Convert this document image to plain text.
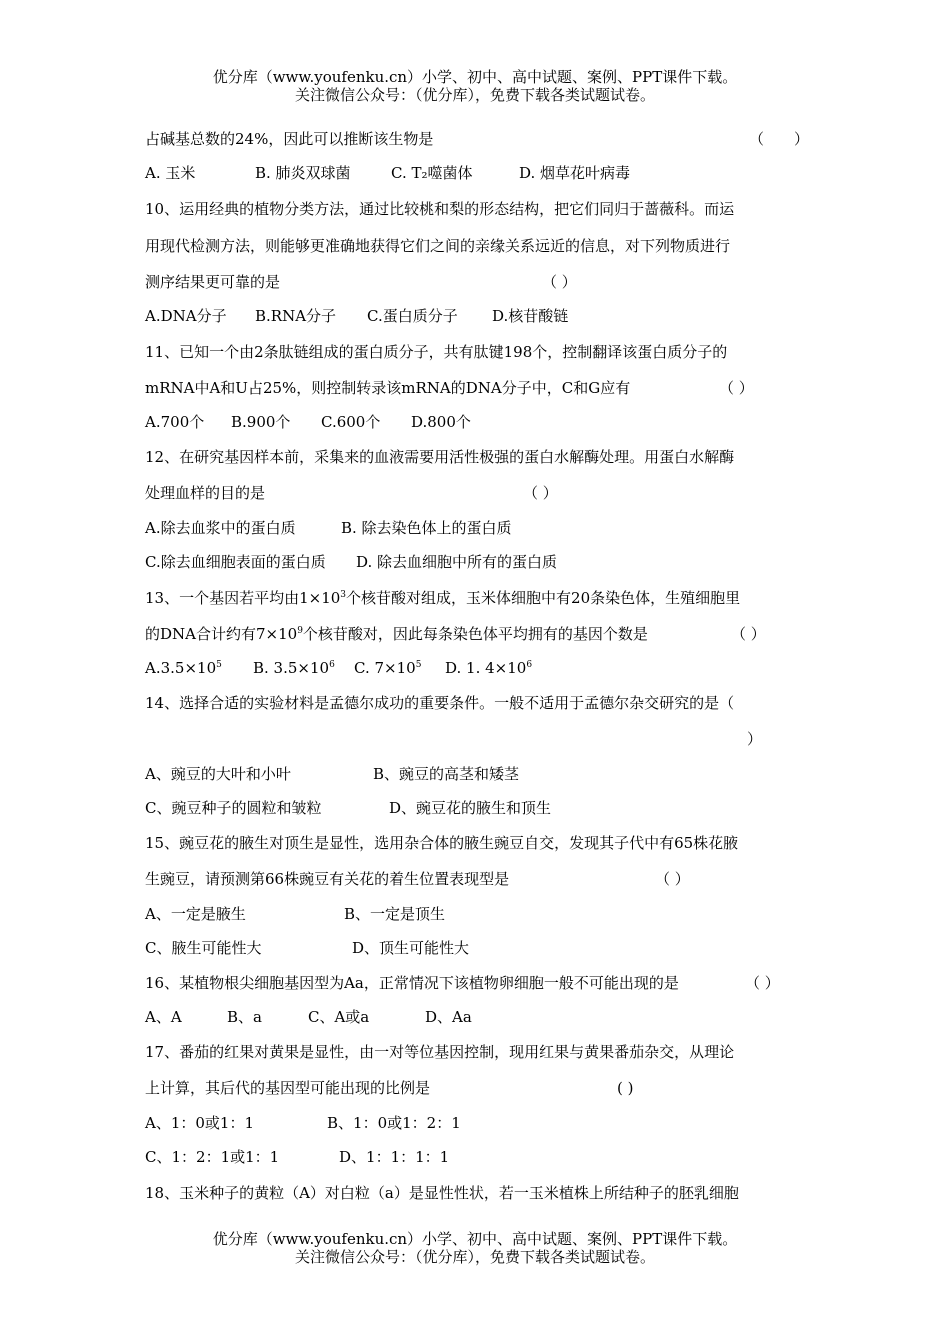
优分库（www.youfenku.cn）小学、初中、高中试题、案例、PPT课件下载。
关注微信公众号：（优分库），免费下载各类试题试卷。
占碱基总数的24%，因此可以推断该生物是	（　　）
A. 玉米	B. 肺炎双球菌	C. T₂噬菌体	D. 烟草花叶病毒
10、运用经典的植物分类方法，通过比较桃和梨的形态结构，把它们同归于蔷薇科。而运
用现代检测方法，则能够更准确地获得它们之间的亲缘关系远近的信息，对下列物质进行
测序结果更可靠的是	（ ）
A.DNA分子 B.RNA分子 C.蛋白质分子 D.核苷酸链
11、已知一个由2条肽链组成的蛋白质分子，共有肽键198个，控制翻译该蛋白质分子的
mRNA中A和U占25%，则控制转录该mRNA的DNA分子中，C和G应有	（ ）
A.700个 B.900个 C.600个 D.800个
12、在研究基因样本前，采集来的血液需要用活性极强的蛋白水解酶处理。用蛋白水解酶
处理血样的目的是	（ ）
A.除去血浆中的蛋白质	B. 除去染色体上的蛋白质
C.除去血细胞表面的蛋白质 D. 除去血细胞中所有的蛋白质
13、一个基因若平均由$1\times 10^3$个核苷酸对组成，玉米体细胞中有20条染色体，生殖细胞里
的DNA合计约有$7\times 10^9$个核苷酸对，因此每条染色体平均拥有的基因个数是	（ ）
$A.3.5\times 10^5$ B. $3.5\times 10^6$ C. $7\times 10^5$ D. 1. $4\times 10^6$
14、选择合适的实验材料是孟德尔成功的重要条件。一般不适用于孟德尔杂交研究的是（
）
A、豌豆的大叶和小叶	B、豌豆的高茎和矮茎
C、豌豆种子的圆粒和皱粒	D、豌豆花的腋生和顶生
15、豌豆花的腋生对顶生是显性，选用杂合体的腋生豌豆自交，发现其子代中有65株花腋
生豌豆，请预测第66株豌豆有关花的着生位置表现型是	（ ）
A、一定是腋生	B、一定是顶生
C、腋生可能性大	D、顶生可能性大
16、某植物根尖细胞基因型为Aa，正常情况下该植物卵细胞一般不可能出现的是	（ ）
A、A	B、a	C、A或a	D、Aa
17、番茄的红果对黄果是显性，由一对等位基因控制，现用红果与黄果番茄杂交，从理论
上计算，其后代的基因型可能出现的比例是	( )
A、1：0或1：1	B、1：0或1：2：1
C、1：2：1或1：1	D、1：1：1：1
18、玉米种子的黄粒（A）对白粒（a）是显性性状，若一玉米植株上所结种子的胚乳细胞
优分库（www.youfenku.cn）小学、初中、高中试题、案例、PPT课件下载。
关注微信公众号：（优分库），免费下载各类试题试卷。
